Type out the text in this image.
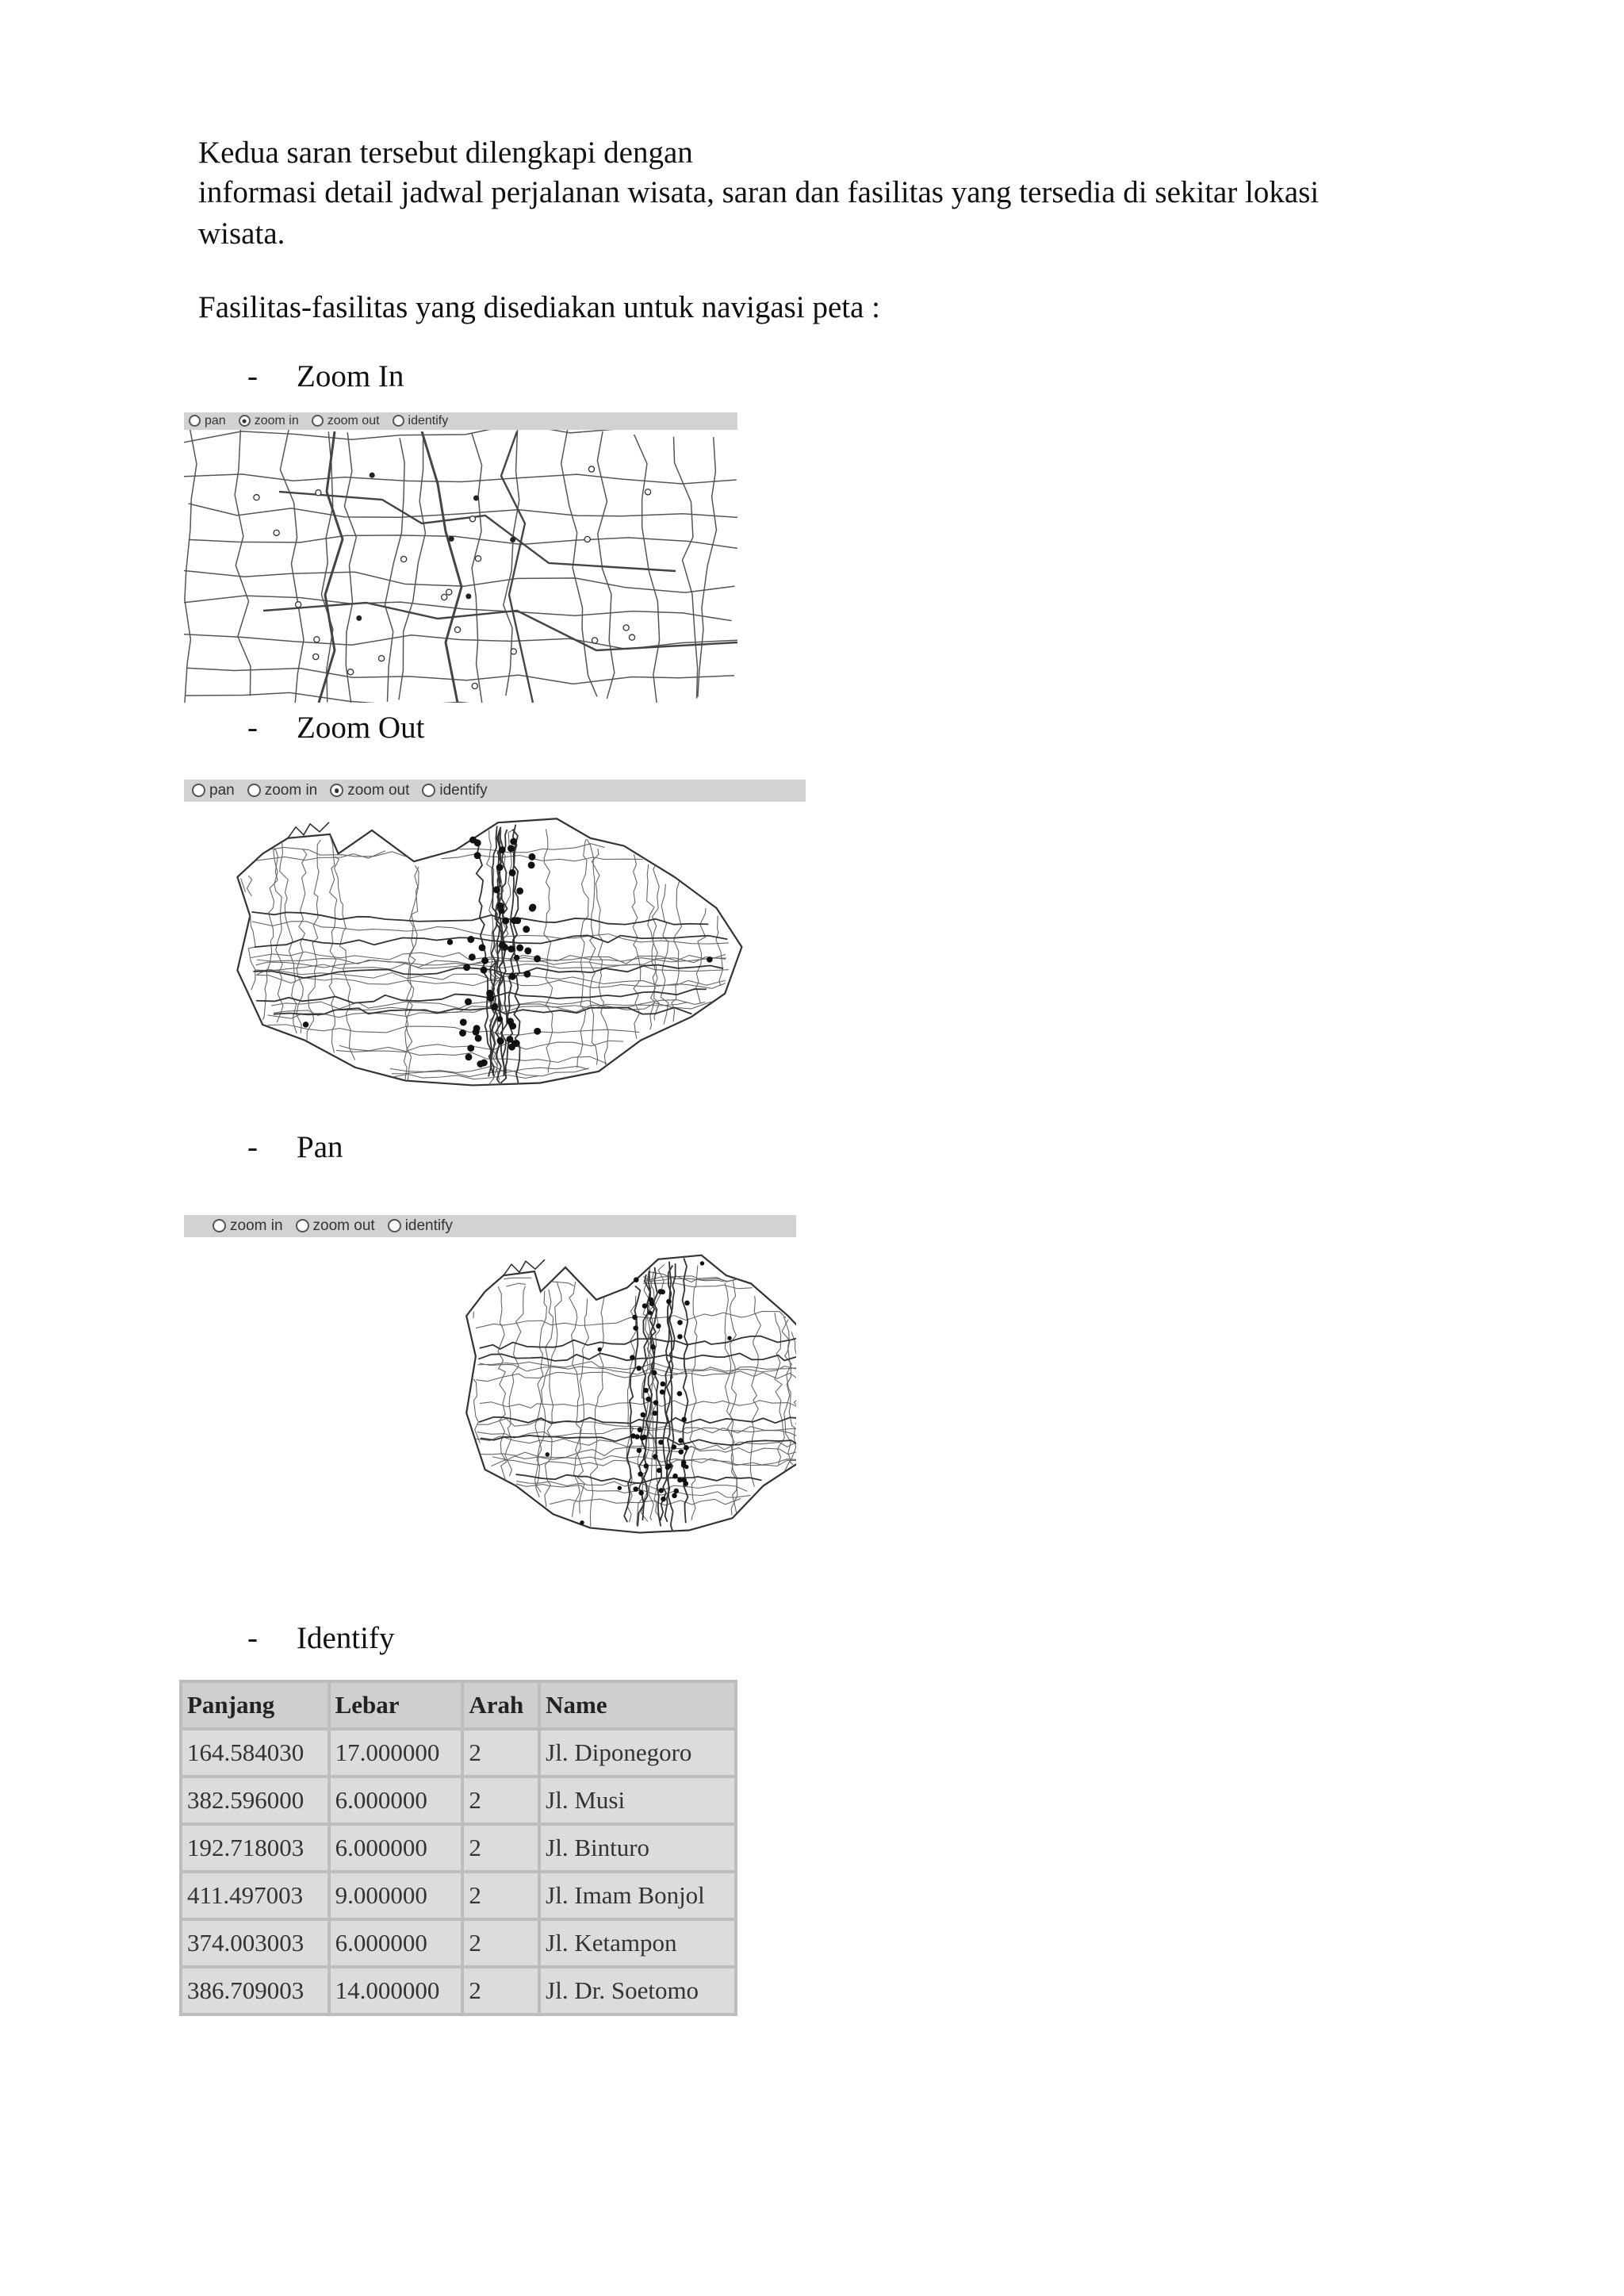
Kedua saran tersebut dilengkapi dengan
informasi detail jadwal perjalanan wisata, saran dan fasilitas yang tersedia di sekitar lokasi
wisata.
Fasilitas-fasilitas yang disediakan untuk navigasi peta :
- Zoom In
pan zoom in zoom out identify
- Zoom Out
pan zoom in zoom out identify
- Pan
zoom in zoom out identify
- Identify
Panjang	Lebar	Arah	Name
164.584030	17.000000	2	Jl. Diponegoro
382.596000	6.000000	2	Jl. Musi
192.718003	6.000000	2	Jl. Binturo
411.497003	9.000000	2	Jl. Imam Bonjol
374.003003	6.000000	2	Jl. Ketampon
386.709003	14.000000	2	Jl. Dr. Soetomo
